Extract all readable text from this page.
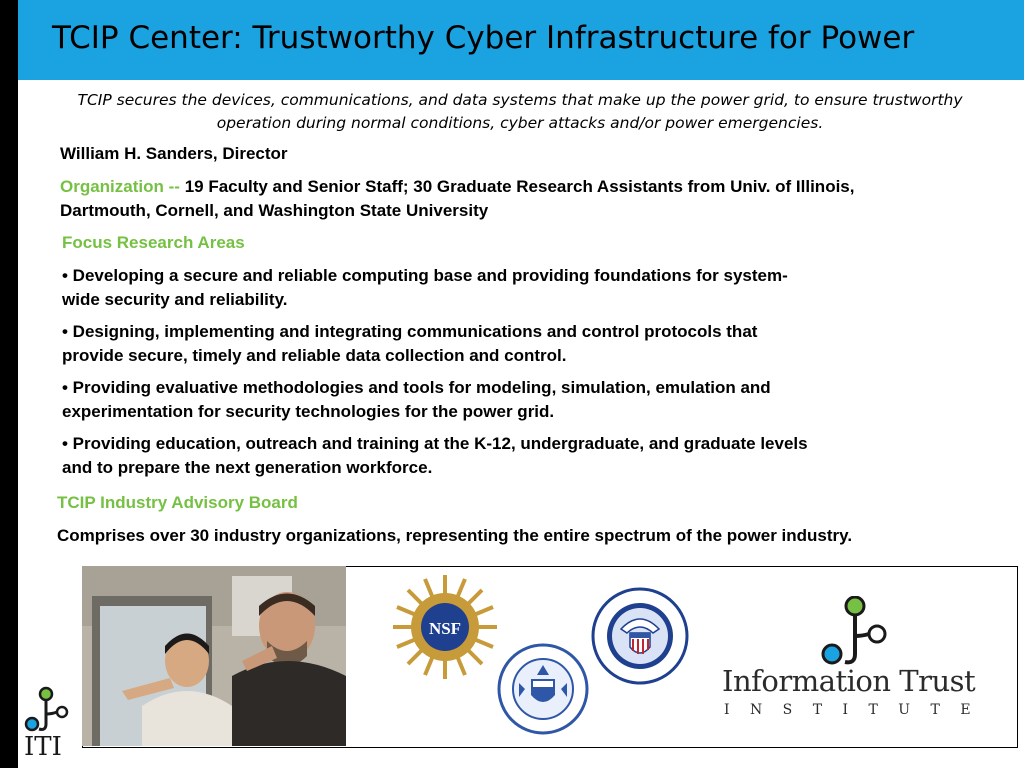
TCIP Center: Trustworthy Cyber Infrastructure for Power
TCIP secures the devices, communications, and data systems that make up the power grid, to ensure trustworthy operation during normal conditions, cyber attacks and/or power emergencies.
William H. Sanders, Director
Organization -- 19 Faculty and Senior Staff; 30 Graduate Research Assistants from Univ. of Illinois,
Dartmouth, Cornell, and Washington State University
Focus Research Areas
• Developing a secure and reliable computing base and providing foundations for system-
wide security and reliability.
• Designing, implementing and integrating communications and control protocols that
provide secure, timely and reliable data collection and control.
• Providing evaluative methodologies and tools for modeling, simulation, emulation and
experimentation for security technologies for the power grid.
• Providing education, outreach and training at the K-12, undergraduate, and graduate levels
and to prepare the next generation workforce.
TCIP Industry Advisory Board
Comprises over 30 industry organizations, representing the entire spectrum of the power industry.
NSF
Information Trust
I N S T I T U T E
ITI
